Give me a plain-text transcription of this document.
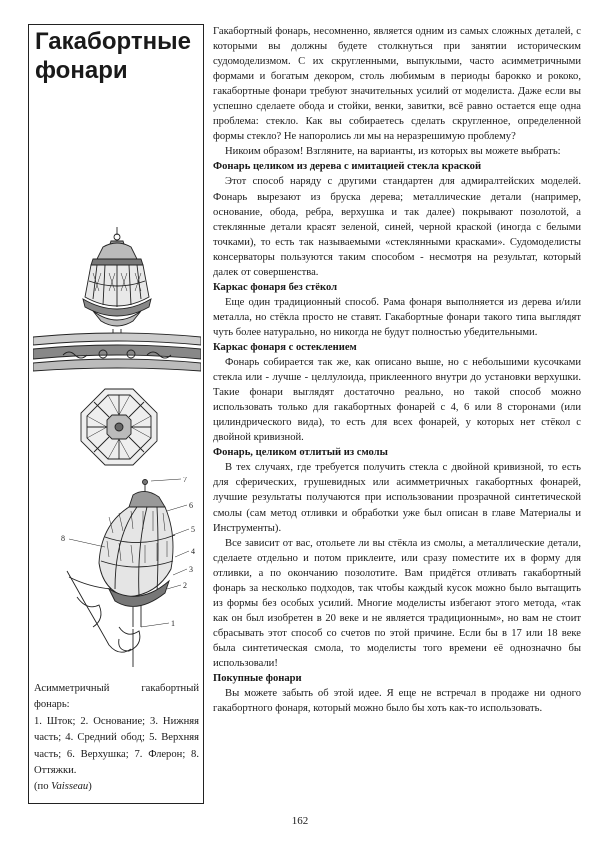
Гакабортные
фонари
7
6
5
4
3
2
1
8

Асимметричный гакабортный

фонарь:

1. Шток; 2. Основание; 3. Нижняя часть; 4. Средний обод; 5. Верхняя часть; 6. Верхушка; 7. Флерон; 8. Оттяжки.

(по Vaisseau)

Гакабортный фонарь, несомненно, является одним из самых сложных деталей, с которыми вы должны будете столкнуться при занятии историческим судомоделизмом. С их скругленными, выпуклыми, часто асимметричными формами и богатым декором, столь любимым в периоды барокко и рококо, гакабортные фонари требуют значительных усилий от моделиста. Даже если вы успешно сделаете обода и стойки, венки, завитки, всё равно остается еще одна проблема: стекло. Как вы собираетесь сделать скругленное, определенной формы стекло? Не напоролись ли мы на неразрешимую проблему?

Никоим образом! Взгляните, на варианты, из которых вы можете выбрать:

Фонарь целиком из дерева с имитацией стекла краской

Этот способ наряду с другими стандартен для адмиралтейских моделей. Фонарь вырезают из бруска дерева; металлические детали (например, основание, обода, ребра, верхушка и так далее) покрывают позолотой, а стеклянные детали красят зеленой, синей, черной краской (иногда с белыми точками), то есть так называемыми «стеклянными красками». Судомоделисты консерваторы пользуются таким способом - несмотря на результат, который далек от совершенства.

Каркас фонаря без стёкол

Еще один традиционный способ. Рама фонаря выполняется из дерева и/или металла, но стёкла просто не ставят. Гакабортные фонари такого типа выглядят чуть более натурально, но никогда не будут полностью убедительными.

Каркас фонаря с остеклением

Фонарь собирается так же, как описано выше, но с небольшими кусочками стекла или - лучше - целлулоида, приклеенного внутри до установки верхушки. Такие фонари выглядят достаточно реально, но такой способ можно использовать только для гакабортных фонарей с 4, 6 или 8 сторонами (или цилиндрического вида), то есть для всех фонарей, у которых нет стёкол с двойной кривизной.

Фонарь, целиком отлитый из смолы

В тех случаях, где требуется получить стекла с двойной кривизной, то есть для сферических, грушевидных или асимметричных гакабортных фонарей, лучшие результаты получаются при использовании прозрачной синтетической смолы (сам метод отливки и обработки уже был описан в главе Материалы и Инструменты).

Все зависит от вас, отольете ли вы стёкла из смолы, а металлические детали, сделаете отдельно и потом приклеите, или сразу поместите их в форму для отливки, а по окончанию позолотите. Вам придётся отливать гакабортный фонарь за несколько подходов, так чтобы каждый кусок можно было вытащить из формы без особых усилий. Многие моделисты избегают этого метода, «так как он был изобретен в 20 веке и не является традиционным», но вам не стоит сбрасывать этот способ со счетов по этой причине. Если бы в 17 или 18 веке была синтетическая смола, то моделисты того времени её однозначно бы использовали!

Покупные фонари

Вы можете забыть об этой идее. Я еще не встречал в продаже ни одного гакабортного фонаря, который можно было бы хоть как-то использовать.

162
